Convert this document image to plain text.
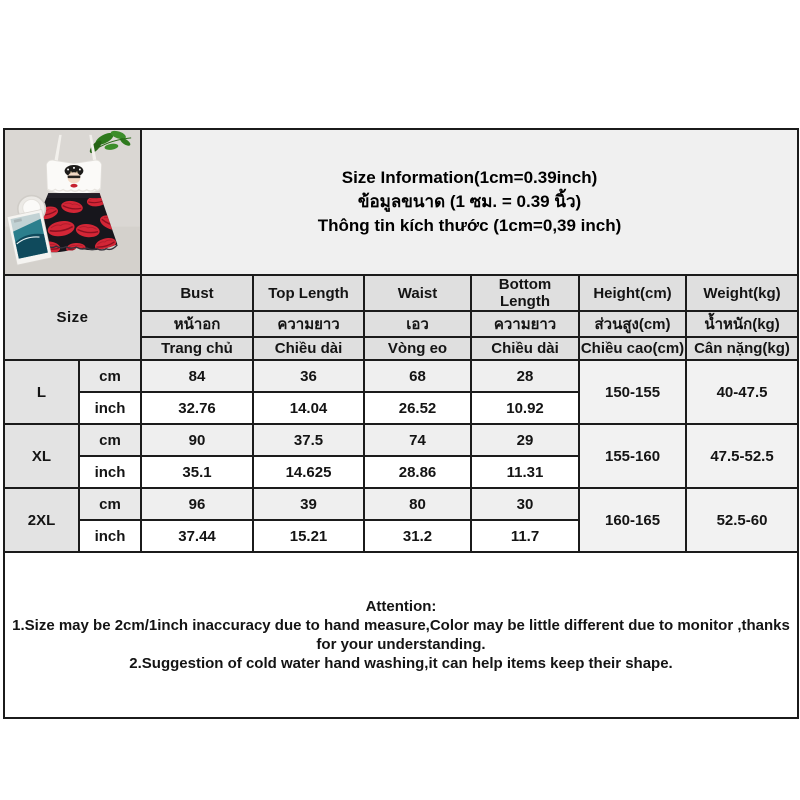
Size Information(1cm=0.39inch)
ข้อมูลขนาด (1 ซม. = 0.39 นิ้ว)
Thông tin kích thước (1cm=0,39 inch)					

Size		Bust	Top Length	Waist	Bottom Length	Height(cm)	Weight(kg)
		หน้าอก	ความยาว	เอว	ความยาว	ส่วนสูง(cm)	น้ำหนัก(kg)
		Trang chủ	Chiều dài	Vòng eo	Chiều dài	Chiều cao(cm)	Cân nặng(kg)
L	cm	84	36	68	28	150-155	40-47.5
	inch	32.76	14.04	26.52	10.92		
XL	cm	90	37.5	74	29	155-160	47.5-52.5
	inch	35.1	14.625	28.86	11.31		
2XL	cm	96	39	80	30	160-165	52.5-60
	inch	37.44	15.21	31.2	11.7		

Attention:
1.Size may be 2cm/1inch inaccuracy due to hand measure,Color may be little different due to monitor ,thanks for your understanding.
2.Suggestion of cold water hand washing,it can help items keep their shape.							
